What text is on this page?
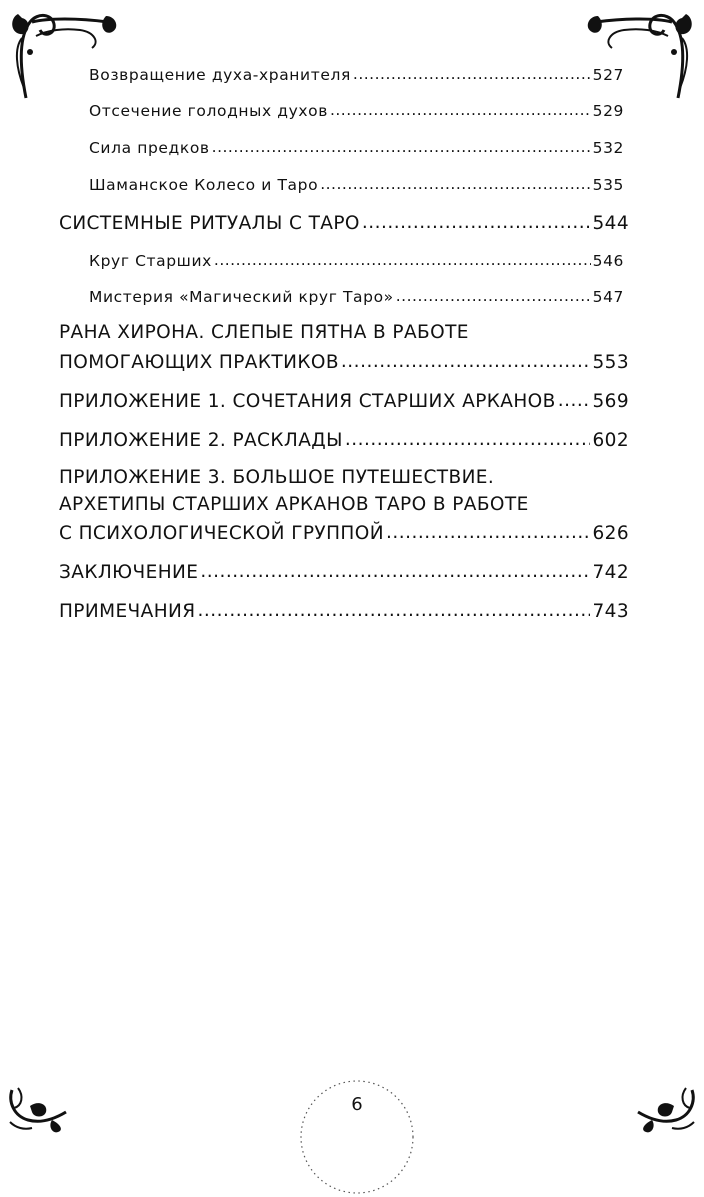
Возвращение духа-хранителя .....	527
Отсечение голодных духов .....	529
Сила предков .....	532
Шаманское Колесо и Таро .....	535
СИСТЕМНЫЕ РИТУАЛЫ С ТАРО .....	544
Круг Старших .....	546
Мистерия «Магический круг Таро» .....	547
РАНА ХИРОНА. СЛЕПЫЕ ПЯТНА В РАБОТЕ
ПОМОГАЮЩИХ ПРАКТИКОВ .....	553
ПРИЛОЖЕНИЕ 1. СОЧЕТАНИЯ СТАРШИХ АРКАНОВ ..... 569
ПРИЛОЖЕНИЕ 2. РАСКЛАДЫ .....	602
ПРИЛОЖЕНИЕ 3. БОЛЬШОЕ ПУТЕШЕСТВИЕ.
АРХЕТИПЫ СТАРШИХ АРКАНОВ ТАРО В РАБОТЕ
С ПСИХОЛОГИЧЕСКОЙ ГРУППОЙ .....	626
ЗАКЛЮЧЕНИЕ .....	742
ПРИМЕЧАНИЯ .....	743
6
